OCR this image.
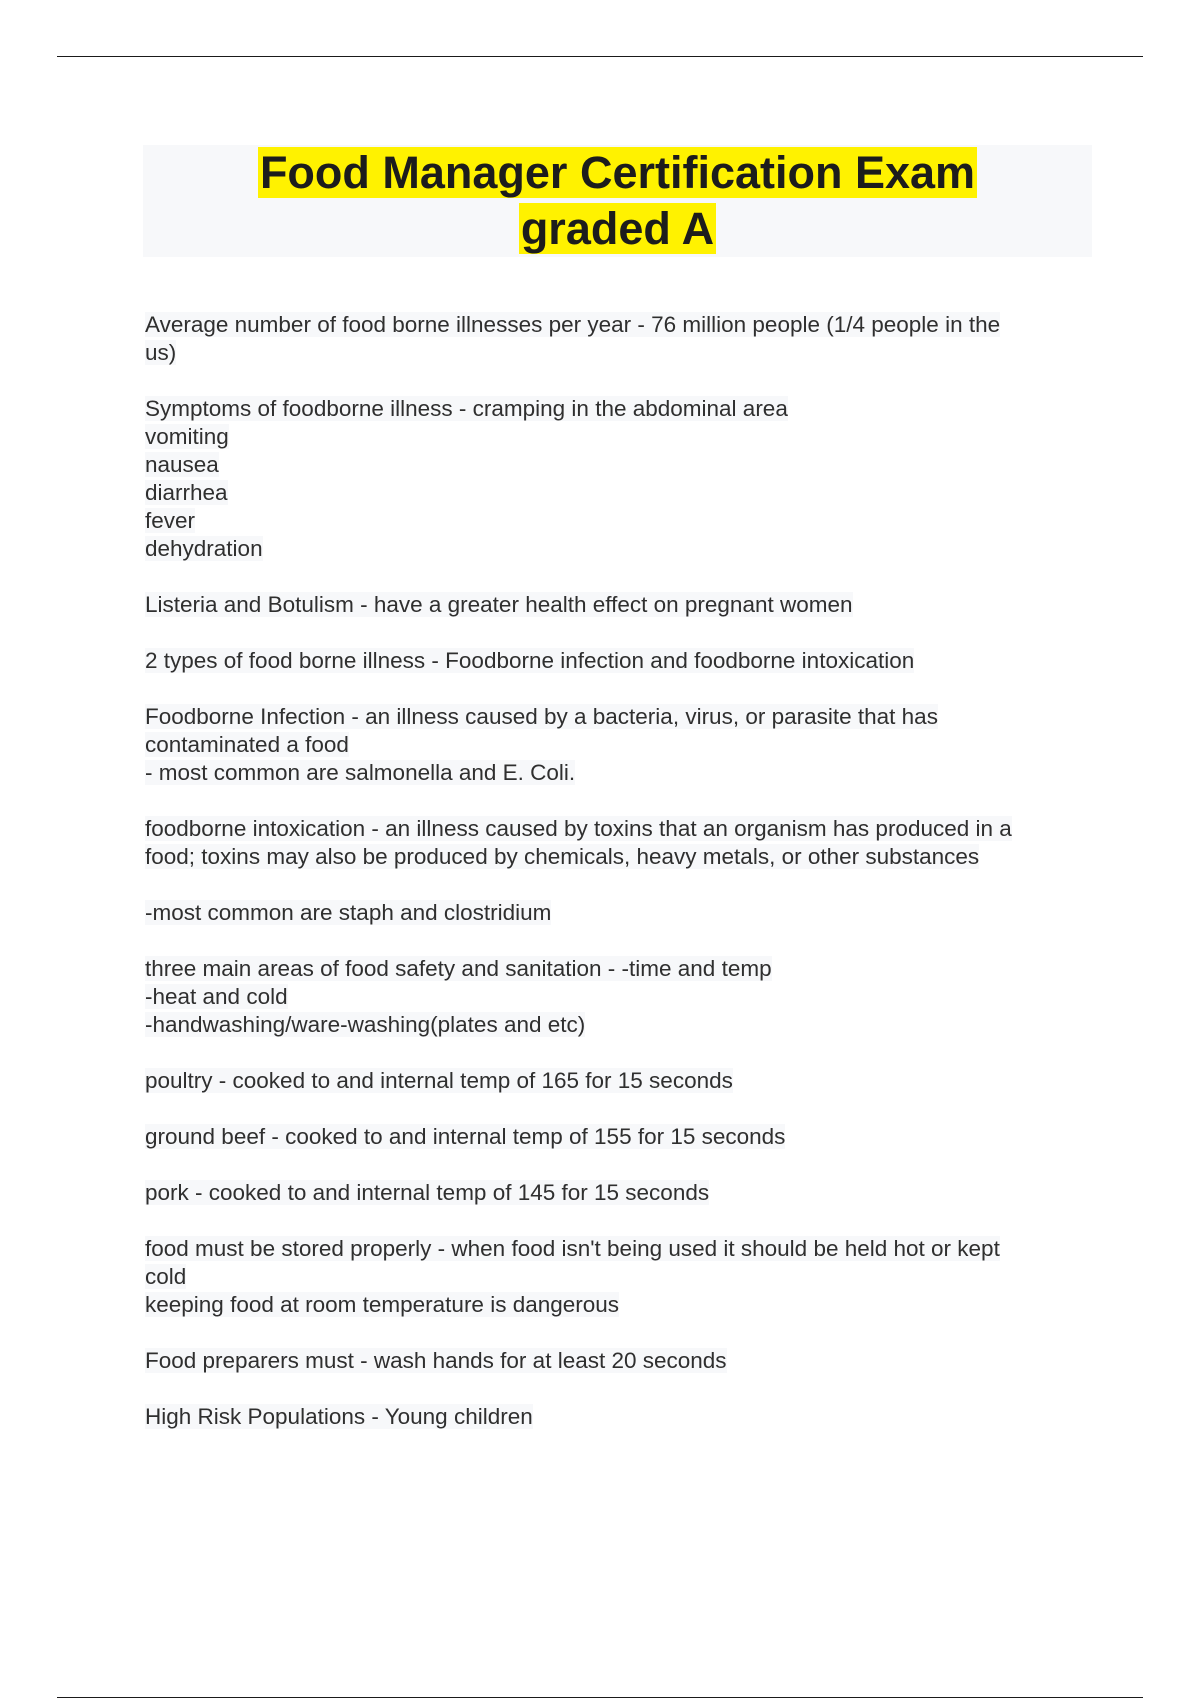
Food Manager Certification Exam
graded A
Average number of food borne illnesses per year - 76 million people (1/4 people in the
us)
Symptoms of foodborne illness - cramping in the abdominal area
vomiting
nausea
diarrhea
fever
dehydration
Listeria and Botulism - have a greater health effect on pregnant women
2 types of food borne illness - Foodborne infection and foodborne intoxication
Foodborne Infection - an illness caused by a bacteria, virus, or parasite that has
contaminated a food
- most common are salmonella and E. Coli.
foodborne intoxication - an illness caused by toxins that an organism has produced in a
food; toxins may also be produced by chemicals, heavy metals, or other substances
-most common are staph and clostridium
three main areas of food safety and sanitation - -time and temp
-heat and cold
-handwashing/ware-washing(plates and etc)
poultry - cooked to and internal temp of 165 for 15 seconds
ground beef - cooked to and internal temp of 155 for 15 seconds
pork - cooked to and internal temp of 145 for 15 seconds
food must be stored properly - when food isn't being used it should be held hot or kept
cold
keeping food at room temperature is dangerous
Food preparers must - wash hands for at least 20 seconds
High Risk Populations - Young children
